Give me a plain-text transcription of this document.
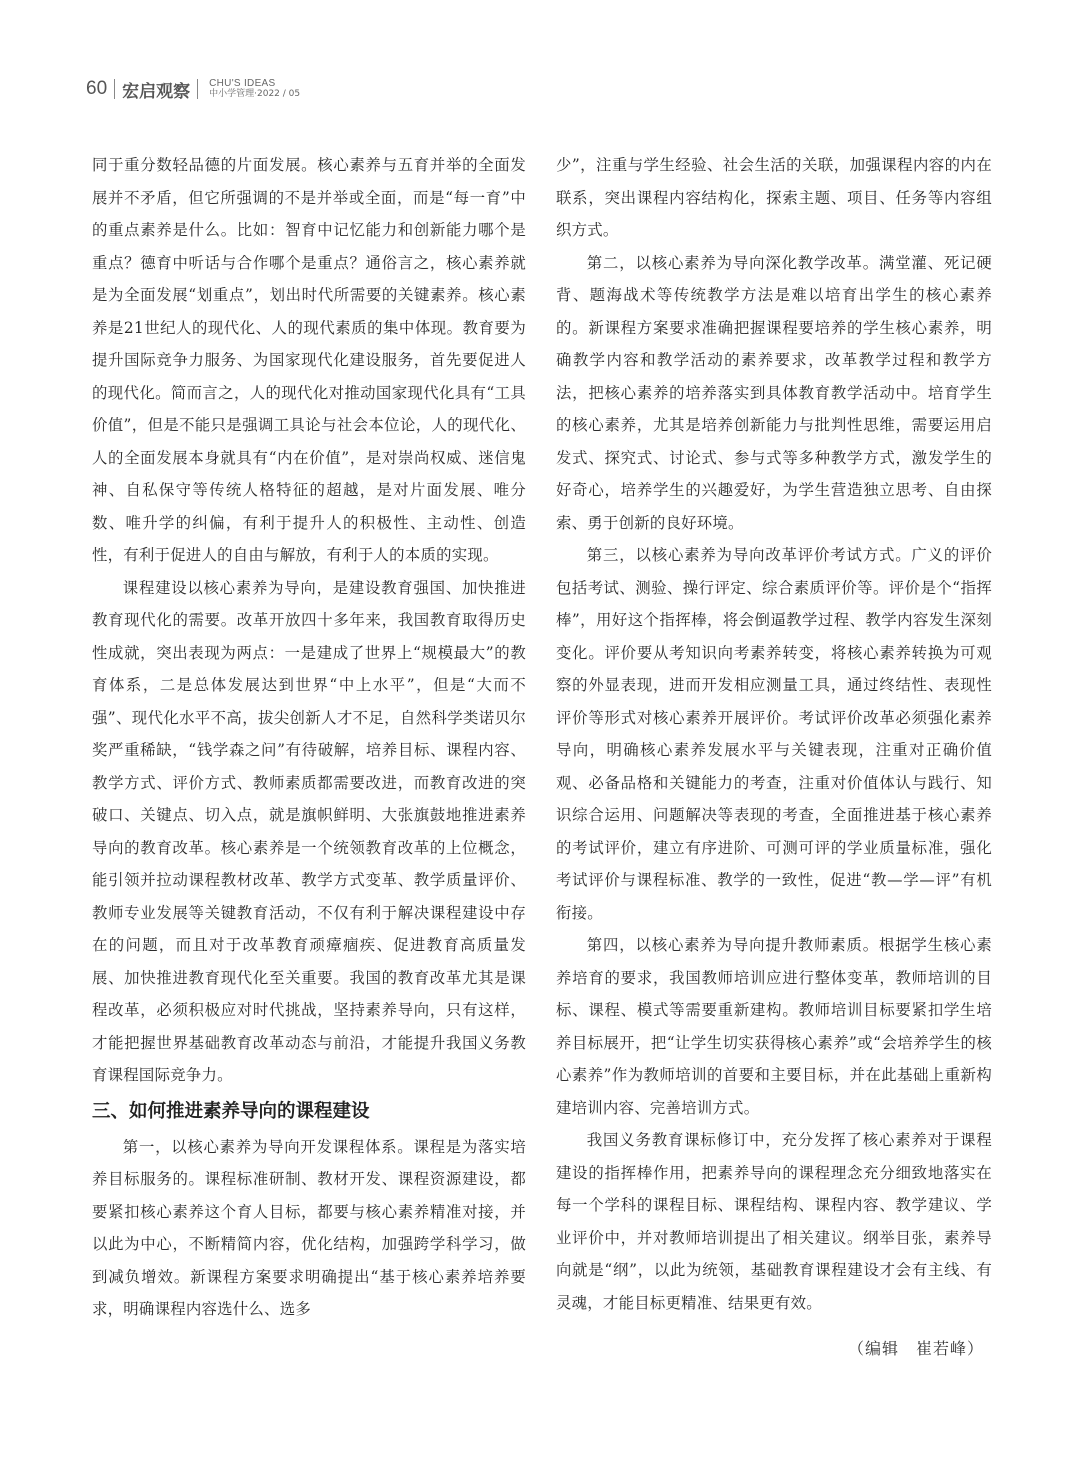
60 宏启观察 CHU'S IDEAS
中小学管理·2022 / 05

同于重分数轻品德的片面发展。核心素养与五育并举的全面发展并不矛盾，但它所强调的不是并举或全面，而是“每一育”中的重点素养是什么。比如：智育中记忆能力和创新能力哪个是重点？德育中听话与合作哪个是重点？通俗言之，核心素养就是为全面发展“划重点”，划出时代所需要的关键素养。核心素养是21世纪人的现代化、人的现代素质的集中体现。教育要为提升国际竞争力服务、为国家现代化建设服务，首先要促进人的现代化。简而言之，人的现代化对推动国家现代化具有“工具价值”，但是不能只是强调工具论与社会本位论，人的现代化、人的全面发展本身就具有“内在价值”，是对崇尚权威、迷信鬼神、自私保守等传统人格特征的超越，是对片面发展、唯分数、唯升学的纠偏，有利于提升人的积极性、主动性、创造性，有利于促进人的自由与解放，有利于人的本质的实现。

课程建设以核心素养为导向，是建设教育强国、加快推进教育现代化的需要。改革开放四十多年来，我国教育取得历史性成就，突出表现为两点：一是建成了世界上“规模最大”的教育体系，二是总体发展达到世界“中上水平”，但是“大而不强”、现代化水平不高，拔尖创新人才不足，自然科学类诺贝尔奖严重稀缺，“钱学森之问”有待破解，培养目标、课程内容、教学方式、评价方式、教师素质都需要改进，而教育改进的突破口、关键点、切入点，就是旗帜鲜明、大张旗鼓地推进素养导向的教育改革。核心素养是一个统领教育改革的上位概念，能引领并拉动课程教材改革、教学方式变革、教学质量评价、教师专业发展等关键教育活动，不仅有利于解决课程建设中存在的问题，而且对于改革教育顽瘴痼疾、促进教育高质量发展、加快推进教育现代化至关重要。我国的教育改革尤其是课程改革，必须积极应对时代挑战，坚持素养导向，只有这样，才能把握世界基础教育改革动态与前沿，才能提升我国义务教育课程国际竞争力。

三、如何推进素养导向的课程建设

第一，以核心素养为导向开发课程体系。课程是为落实培养目标服务的。课程标准研制、教材开发、课程资源建设，都要紧扣核心素养这个育人目标，都要与核心素养精准对接，并以此为中心，不断精简内容，优化结构，加强跨学科学习，做到减负增效。新课程方案要求明确提出“基于核心素养培养要求，明确课程内容选什么、选多

少”，注重与学生经验、社会生活的关联，加强课程内容的内在联系，突出课程内容结构化，探索主题、项目、任务等内容组织方式。

第二，以核心素养为导向深化教学改革。满堂灌、死记硬背、题海战术等传统教学方法是难以培育出学生的核心素养的。新课程方案要求准确把握课程要培养的学生核心素养，明确教学内容和教学活动的素养要求，改革教学过程和教学方法，把核心素养的培养落实到具体教育教学活动中。培育学生的核心素养，尤其是培养创新能力与批判性思维，需要运用启发式、探究式、讨论式、参与式等多种教学方式，激发学生的好奇心，培养学生的兴趣爱好，为学生营造独立思考、自由探索、勇于创新的良好环境。

第三，以核心素养为导向改革评价考试方式。广义的评价包括考试、测验、操行评定、综合素质评价等。评价是个“指挥棒”，用好这个指挥棒，将会倒逼教学过程、教学内容发生深刻变化。评价要从考知识向考素养转变，将核心素养转换为可观察的外显表现，进而开发相应测量工具，通过终结性、表现性评价等形式对核心素养开展评价。考试评价改革必须强化素养导向，明确核心素养发展水平与关键表现，注重对正确价值观、必备品格和关键能力的考查，注重对价值体认与践行、知识综合运用、问题解决等表现的考查，全面推进基于核心素养的考试评价，建立有序进阶、可测可评的学业质量标准，强化考试评价与课程标准、教学的一致性，促进“教—学—评”有机衔接。

第四，以核心素养为导向提升教师素质。根据学生核心素养培育的要求，我国教师培训应进行整体变革，教师培训的目标、课程、模式等需要重新建构。教师培训目标要紧扣学生培养目标展开，把“让学生切实获得核心素养”或“会培养学生的核心素养”作为教师培训的首要和主要目标，并在此基础上重新构建培训内容、完善培训方式。

我国义务教育课标修订中，充分发挥了核心素养对于课程建设的指挥棒作用，把素养导向的课程理念充分细致地落实在每一个学科的课程目标、课程结构、课程内容、教学建议、学业评价中，并对教师培训提出了相关建议。纲举目张，素养导向就是“纲”，以此为统领，基础教育课程建设才会有主线、有灵魂，才能目标更精准、结果更有效。

（编辑　崔若峰）
